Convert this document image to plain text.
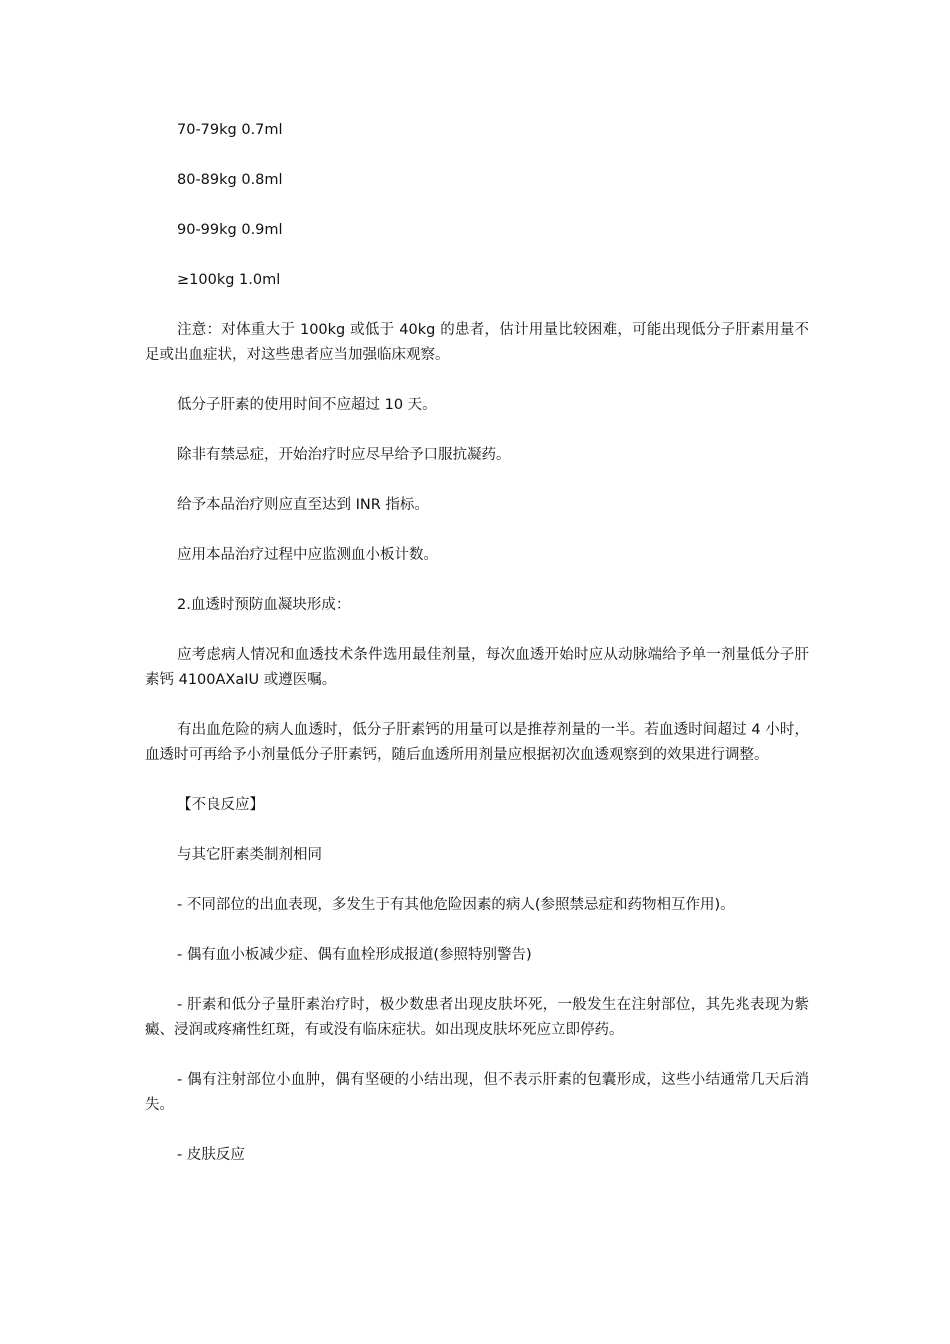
70-79kg 0.7ml

80-89kg 0.8ml

90-99kg 0.9ml

≥100kg 1.0ml

注意：对体重大于 100kg 或低于 40kg 的患者，估计用量比较困难，可能出现低分子肝素用量不足或出血症状，对这些患者应当加强临床观察。

低分子肝素的使用时间不应超过 10 天。

除非有禁忌症，开始治疗时应尽早给予口服抗凝药。

给予本品治疗则应直至达到 INR 指标。

应用本品治疗过程中应监测血小板计数。

2.血透时预防血凝块形成：

应考虑病人情况和血透技术条件选用最佳剂量，每次血透开始时应从动脉端给予单一剂量低分子肝素钙 4100AXaIU 或遵医嘱。

有出血危险的病人血透时，低分子肝素钙的用量可以是推荐剂量的一半。若血透时间超过 4 小时，血透时可再给予小剂量低分子肝素钙，随后血透所用剂量应根据初次血透观察到的效果进行调整。

【不良反应】

与其它肝素类制剂相同

- 不同部位的出血表现，多发生于有其他危险因素的病人(参照禁忌症和药物相互作用)。

- 偶有血小板减少症、偶有血栓形成报道(参照特别警告)

- 肝素和低分子量肝素治疗时，极少数患者出现皮肤坏死，一般发生在注射部位，其先兆表现为紫癜、浸润或疼痛性红斑，有或没有临床症状。如出现皮肤坏死应立即停药。

- 偶有注射部位小血肿，偶有坚硬的小结出现，但不表示肝素的包囊形成，这些小结通常几天后消失。

- 皮肤反应
